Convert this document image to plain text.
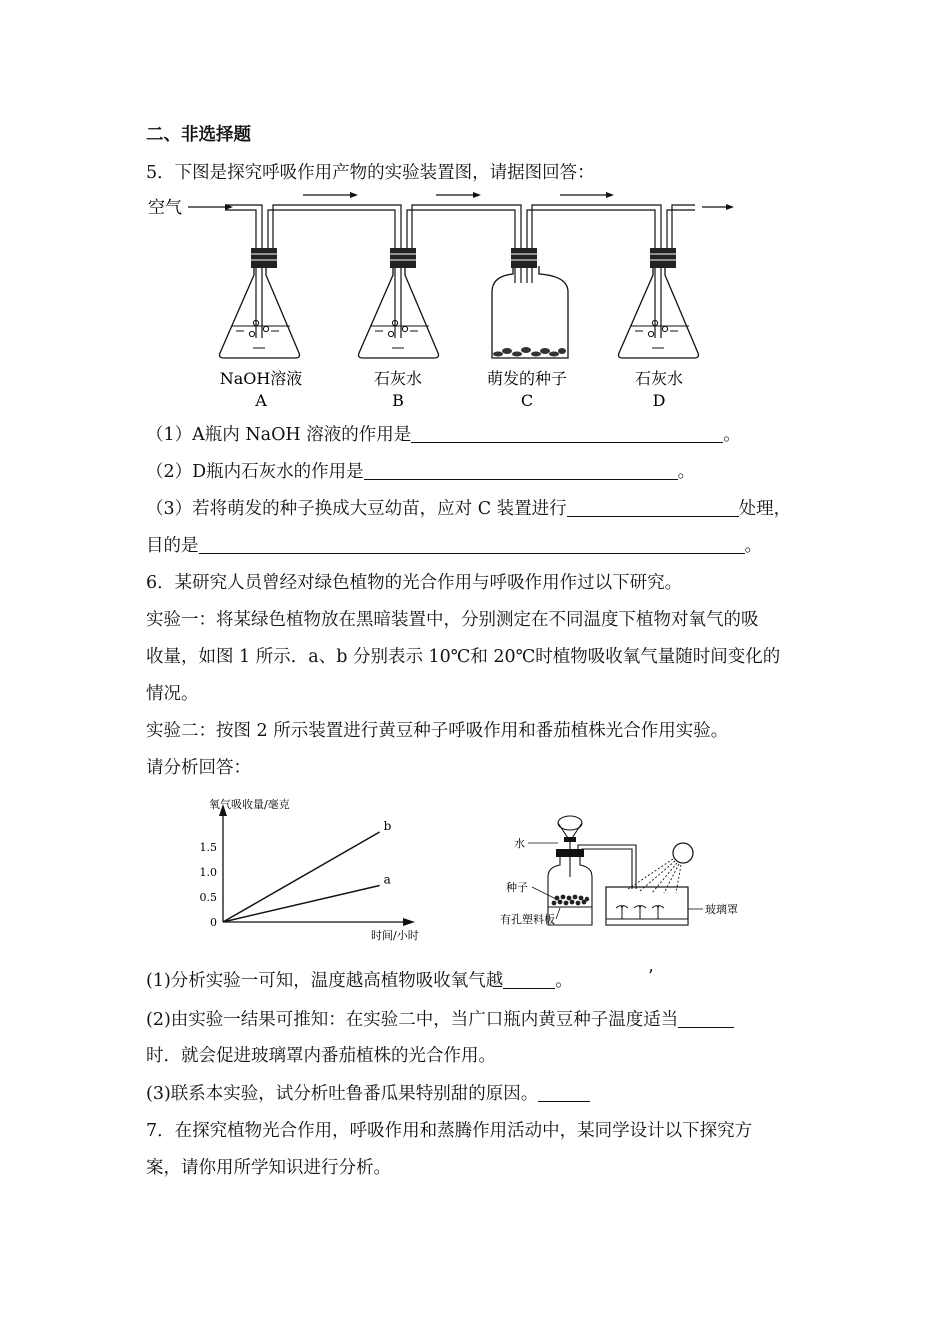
二、非选择题
5．下图是探究呼吸作用产物的实验装置图，请据图回答：
空气
NaOH溶液
A
石灰水
B
萌发的种子
C
石灰水
D
（1）A瓶内 NaOH 溶液的作用是	。
（2）D瓶内石灰水的作用是	。
（3）若将萌发的种子换成大豆幼苗，应对 C 装置进行	处理，
目的是	。
6．某研究人员曾经对绿色植物的光合作用与呼吸作用作过以下研究。
实验一：将某绿色植物放在黑暗装置中，分别测定在不同温度下植物对氧气的吸
收量，如图 1 所示．a、b 分别表示 10℃和 20℃时植物吸收氧气量随时间变化的
情况。
实验二：按图 2 所示装置进行黄豆种子呼吸作用和番茄植株光合作用实验。
请分析回答：
氧气吸收量/毫克
时间/小时
0
0.5
1.0
1.5
b
a
水
种子
有孔塑料板
玻璃罩
(1)分析实验一可知，温度越高植物吸收氧气越	。	’
(2)由实验一结果可推知：在实验二中，当广口瓶内黄豆种子温度适当
时．就会促进玻璃罩内番茄植株的光合作用。
(3)联系本实验，试分析吐鲁番瓜果特别甜的原因。
7．在探究植物光合作用，呼吸作用和蒸腾作用活动中，某同学设计以下探究方
案，请你用所学知识进行分析。
